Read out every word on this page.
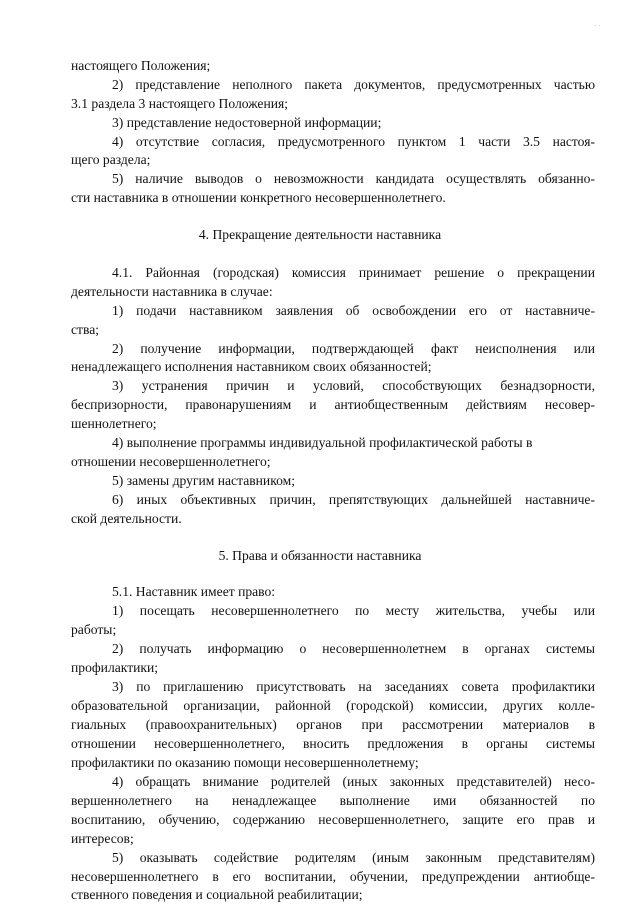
· ·
настоящего Положения;
2) представление неполного пакета документов, предусмотренных частью
3.1 раздела 3 настоящего Положения;
3) представление недостоверной информации;
4) отсутствие согласия, предусмотренного пунктом 1 части 3.5 настоя-
щего раздела;
5) наличие выводов о невозможности кандидата осуществлять обязанно-
сти наставника в отношении конкретного несовершеннолетнего.
4. Прекращение деятельности наставника
4.1. Районная (городская) комиссия принимает решение о прекращении
деятельности наставника в случае:
1) подачи наставником заявления об освобождении его от наставниче-
ства;
2) получение информации, подтверждающей факт неисполнения или
ненадлежащего исполнения наставником своих обязанностей;
3) устранения причин и условий, способствующих безнадзорности,
беспризорности, правонарушениям и антиобщественным действиям несовер-
шеннолетнего;
4) выполнение программы индивидуальной профилактической работы в
отношении несовершеннолетнего;
5) замены другим наставником;
6) иных объективных причин, препятствующих дальнейшей наставниче-
ской деятельности.
5. Права и обязанности наставника
5.1. Наставник имеет право:
1) посещать несовершеннолетнего по месту жительства, учебы или
работы;
2) получать информацию о несовершеннолетнем в органах системы
профилактики;
3) по приглашению присутствовать на заседаниях совета профилактики
образовательной организации, районной (городской) комиссии, других колле-
гиальных (правоохранительных) органов при рассмотрении материалов в
отношении несовершеннолетнего, вносить предложения в органы системы
профилактики по оказанию помощи несовершеннолетнему;
4) обращать внимание родителей (иных законных представителей) несо-
вершеннолетнего на ненадлежащее выполнение ими обязанностей по
воспитанию, обучению, содержанию несовершеннолетнего, защите его прав и
интересов;
5) оказывать содействие родителям (иным законным представителям)
несовершеннолетнего в его воспитании, обучении, предупреждении антиобще-
ственного поведения и социальной реабилитации;
